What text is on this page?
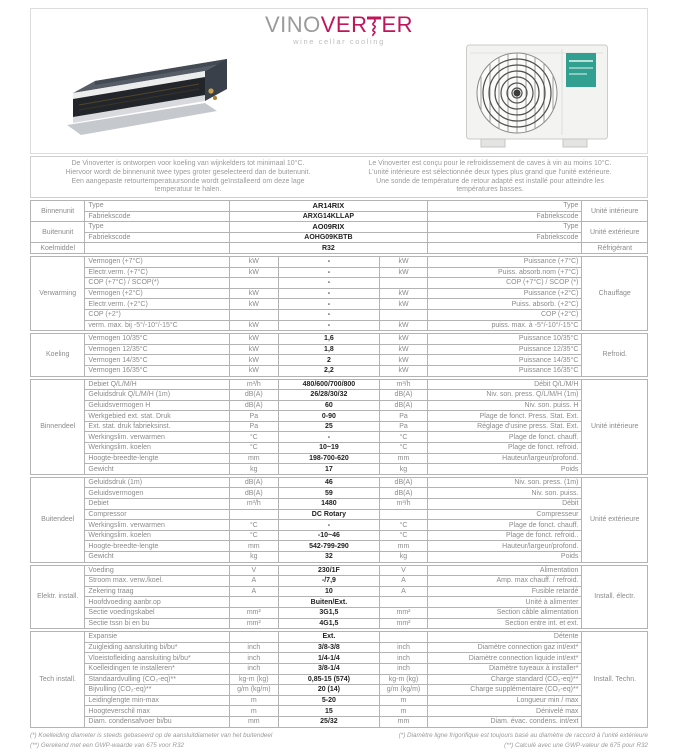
VINO VER ER
wine cellar cooling
De Vinoverter is ontworpen voor koeling van wijnkelders tot minimaal 10°C. Hiervoor wordt de binnenunit twee types groter geselecteerd dan de buitenunit. Een aangepaste retourtemperatuursonde wordt geïnstalleerd om deze lage temperatuur te halen.
Le Vinoverter est conçu pour le refroidissement de caves à vin au moins 10°C. L'unité intérieure est sélectionnée deux types plus grand que l'unité extérieure. Une sonde de température de retour adapté est installé pour atteindre les températures basses.
Binnenunit	Type	AR14RIX	Type	Unité intérieure
	Fabriekscode	ARXG14KLLAP	Fabriekscode	
Buitenunit	Type	AO09RIX	Type	Unité extérieure
	Fabriekscode	AOHG09KBTB	Fabriekscode	
Koelmiddel		R32		Réfrigérant
Verwarming	Vermogen (+7°C)	kW	-	kW	Puissance (+7°C)	Chauffage
	Electr.verm. (+7°C)	kW	-	kW	Puiss. absorb.nom (+7°C)	
	COP (+7°C) / SCOP(*)		-		COP (+7°C) / SCOP (*)	
	Vermogen (+2°C)	kW	-	kW	Puissance (+2°C)	
	Electr.verm. (+2°C)	kW	-	kW	Puiss. absorb. (+2°C)	
	COP (+2°)		-		COP (+2°C)	
	verm. max. bij -5°/-10°/-15°C	kW	-	kW	puiss. max. à -5°/-10°/-15°C	
Koeling	Vermogen 10/35°C	kW	1,6	kW	Puissance 10/35°C	Refroid.
	Vermogen 12/35°C	kW	1,8	kW	Puissance 12/35°C	
	Vermogen 14/35°C	kW	2	kW	Puissance 14/35°C	
	Vermogen 16/35°C	kW	2,2	kW	Puissance 16/35°C	
Binnendeel	Debiet Q/L/M/H	m³/h	480/600/700/800	m³/h	Débit Q/L/M/H	Unité intérieure
	Geluidsdruk Q/L/M/H (1m)	dB(A)	26/28/30/32	dB(A)	Niv. son. press. Q/L/M/H (1m)	
	Geluidsvermogen H	dB(A)	60	dB(A)	Niv. son. puiss. H	
	Werkgebied ext. stat. Druk	Pa	0-90	Pa	Plage de fonct. Press. Stat. Ext.	
	Ext. stat. druk fabrieksinst.	Pa	25	Pa	Réglage d'usine press. Stat. Ext.	
	Werkingslim. verwarmen	°C	-	°C	Plage de fonct. chauff.	
	Werkingslim. koelen	°C	10~19	°C	Plage de fonct. refroid.	
	Hoogte-breedte-lengte	mm	198-700-620	mm	Hauteur/largeur/profond.	
	Gewicht	kg	17	kg	Poids	
Buitendeel	Geluidsdruk (1m)	dB(A)	46	dB(A)	Niv. son. press. (1m)	Unité extérieure
	Geluidsvermogen	dB(A)	59	dB(A)	Niv. son. puiss.	
	Debiet	m³/h	1480	m³/h	Débit	
	Compressor		DC Rotary		Compresseur	
	Werkingslim. verwarmen	°C	-	°C	Plage de fonct. chauff.	
	Werkingslim. koelen	°C	-10~46	°C	Plage de fonct. refroid..	
	Hoogte-breedte-lengte	mm	542-799-290	mm	Hauteur/largeur/profond.	
	Gewicht	kg	32	kg	Poids	
Elektr. install.	Voeding	V	230/1F	V	Alimentation	Install. électr.
	Stroom max. verw./koel.	A	-/7,9	A	Amp. max chauff. / refroid.	
	Zekering traag	A	10	A	Fusible retardé	
	Hoofdvoeding aanbr.op		Buiten/Ext.		Unité à alimenter	
	Sectie voedingskabel	mm²	3G1,5	mm²	Section câble alimentation	
	Sectie tssn bi en bu	mm²	4G1,5	mm²	Section entre int. et ext.	
Tech install.	Expansie		Ext.		Détente	Install. Techn.
	Zuigleiding aansluiting bi/bu*	inch	3/8-3/8	inch	Diamètre connection gaz int/ext*	
	Vloeistofleiding aansluiting bi/bu*	inch	1/4-1/4	inch	Diamètre connection liquide int/ext*	
	Koelleidingen te installeren*	inch	3/8-1/4	inch	Diamètre tuyeaux à installer*	
	Standaardvulling (CO₂-eq)**	kg-m (kg)	0,85-15 (574)	kg-m (kg)	Charge standard (CO₂-eq)**	
	Bijvulling (CO₂-eq)**	g/m (kg/m)	20 (14)	g/m (kg/m)	Charge supplémentaire (CO₂-eq)**	
	Leidinglengte min-max	m	5-20	m	Longueur min / max	
	Hoogteverschil max	m	15	m	Dénivelé max	
	Diam. condensafvoer bi/bu	mm	25/32	mm	Diam. évac. condens. int/ext	
(*) Koelleiding diameter is steeds gebaseerd op de aansluitdiameter van het buitendeel	(*) Diamètre ligne frigorifique est toujours basé au diamètre de raccord à l'unité extérieure
(**) Gerekend met een GWP-waarde van 675 voor R32	(**) Calculé avec une GWP-valeur de 675 pour R32
